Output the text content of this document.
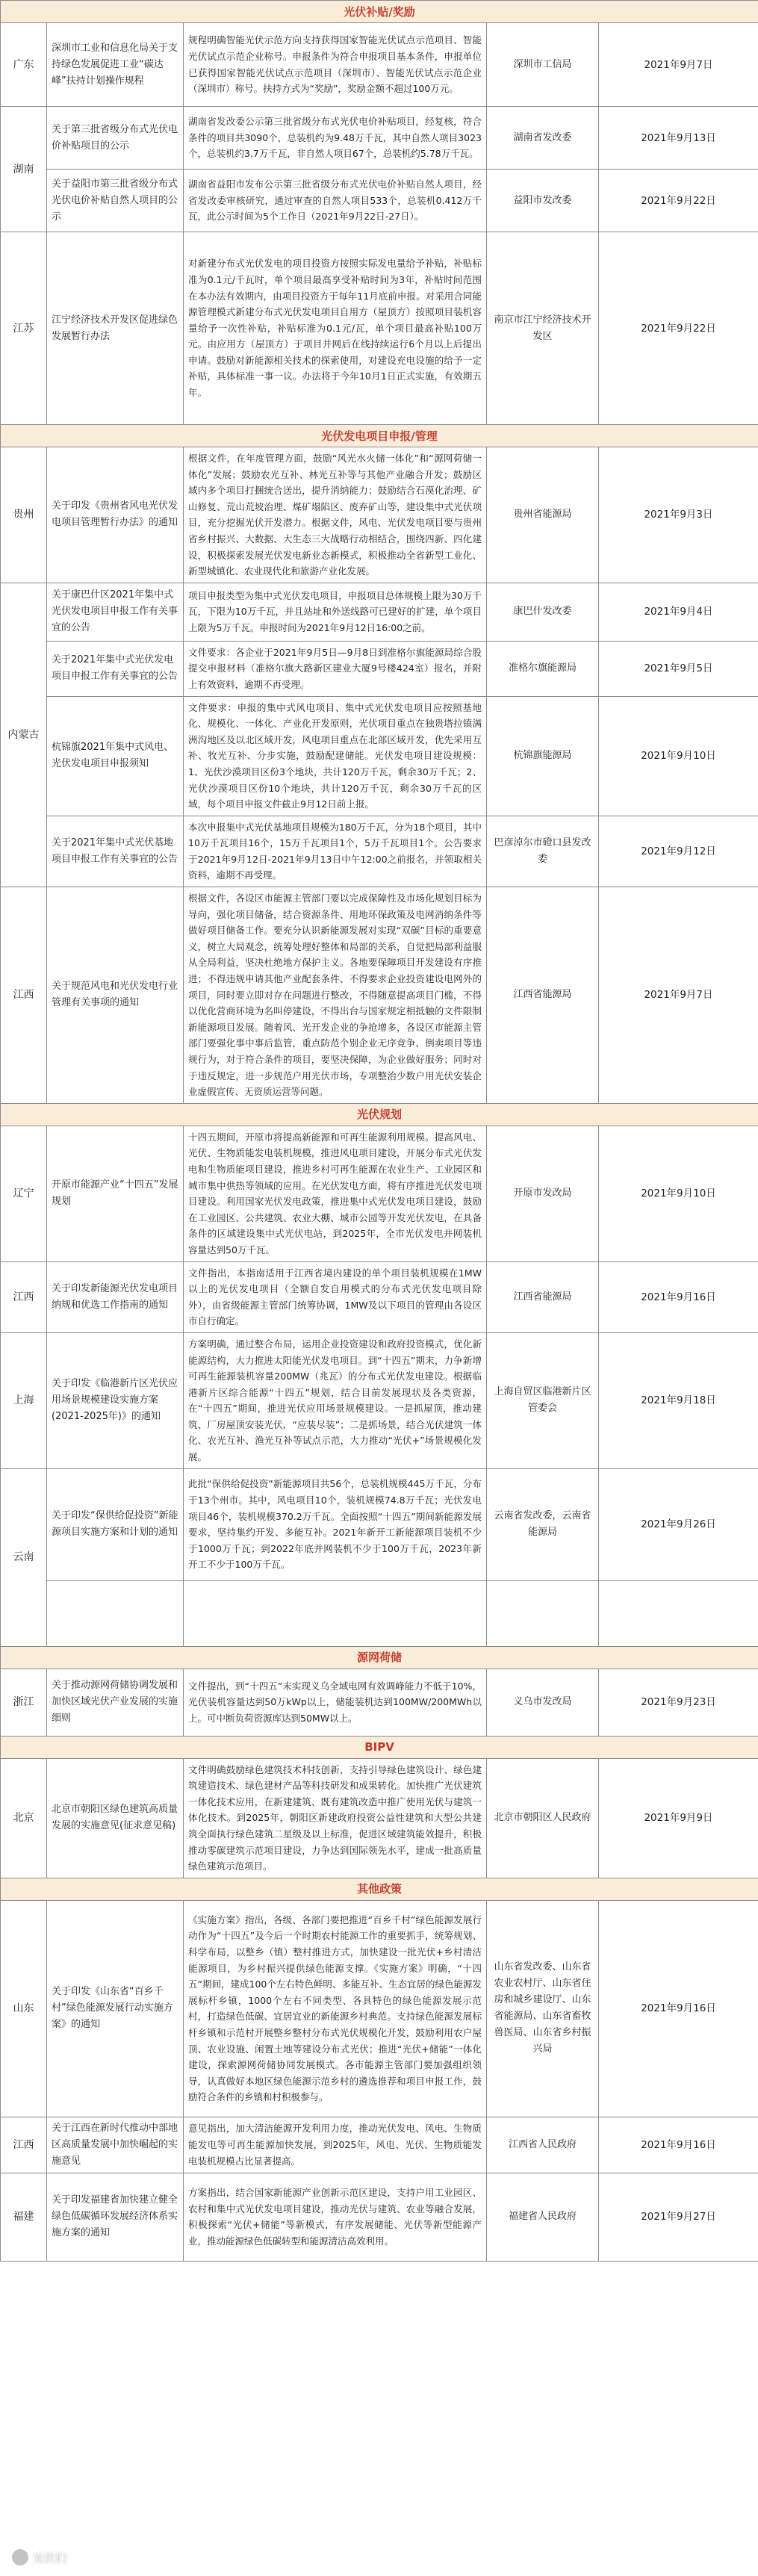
光伏补贴/奖励				
广东	深圳市工业和信息化局关于支持绿色发展促进工业“碳达峰”扶持计划操作规程	规程明确智能光伏示范方向支持获得国家智能光伏试点示范项目、智能光伏试点示范企业称号。申报条件为符合申报项目基本条件，申报单位已获得国家智能光伏试点示范项目（深圳市）、智能光伏试点示范企业（深圳市）称号。扶持方式为“奖励”，奖励金额不超过100万元。	深圳市工信局	2021年9月7日
湖南	关于第三批省级分布式光伏电价补贴项目的公示	湖南省发改委公示第三批省级分布式光伏电价补贴项目，经复核，符合条件的项目共3090个，总装机约为9.48万千瓦，其中自然人项目3023个，总装机约3.7万千瓦，非自然人项目67个，总装机约5.78万千瓦。	湖南省发改委	2021年9月13日
	关于益阳市第三批省级分布式光伏电价补贴自然人项目的公示	湖南省益阳市发布公示第三批省级分布式光伏电价补贴自然人项目，经省发改委审核研究，通过审查的自然人项目533个，总装机0.412万千瓦，此公示时间为5个工作日（2021年9月22日-27日）。	益阳市发改委	2021年9月22日
江苏	江宁经济技术开发区促进绿色发展暂行办法	对新建分布式光伏发电的项目投资方按照实际发电量给予补贴，补贴标准为0.1元/千瓦时，单个项目最高享受补贴时间为3年，补贴时间范围在本办法有效期内，由项目投资方于每年11月底前申报。对采用合同能源管理模式新建分布式光伏发电项目自用方（屋顶方）按照项目装机容量给予一次性补贴，补贴标准为0.1元/瓦，单个项目最高补贴100万元。由应用方（屋顶方）于项目并网后在线持续运行6个月以上后提出申请。鼓励对新能源相关技术的探索使用，对建设充电设施的给予一定补贴，具体标准一事一议。办法将于今年10月1日正式实施，有效期五年。	南京市江宁经济技术开发区	2021年9月22日
光伏发电项目申报/管理				
贵州	关于印发《贵州省风电光伏发电项目管理暂行办法》的通知	根据文件，在年度管理方面，鼓励“风光水火储一体化”和“源网荷储一体化”发展；鼓励农光互补、林光互补等与其他产业融合开发；鼓励区域内多个项目打捆统合送出，提升消纳能力；鼓励结合石漠化治理、矿山修复、荒山荒坡治理、煤矿塌陷区、废弃矿山等，建设集中式光伏项目，充分挖掘光伏开发潜力。根据文件，风电、光伏发电项目要与贵州省乡村振兴、大数据、大生态三大战略行动相结合，围绕四新、四化建设，积极探索发展光伏发电新业态新模式，积极推动全省新型工业化、新型城镇化、农业现代化和旅游产业化发展。	贵州省能源局	2021年9月3日
内蒙古	关于康巴什区2021年集中式光伏发电项目申报工作有关事宜的公告	项目申报类型为集中式光伏发电项目，申报项目总体规模上限为30万千瓦，下限为10万千瓦，并且站址和外送线路可已建好的扩建，单个项目上限为5万千瓦。申报时间为2021年9月12日16:00之前。	康巴什发改委	2021年9月4日
	关于2021年集中式光伏发电项目申报工作有关事宜的公告	文件要求：各企业于2021年9月5日—9月8日到准格尔旗能源局综合股提交申报材料（准格尔旗大路新区建业大厦9号楼424室）报名，并附上有效资料，逾期不再受理。	准格尔旗能源局	2021年9月5日
	杭锦旗2021年集中式风电、光伏发电项目申报须知	文件要求：申报的集中式风电项目、集中式光伏发电项目应按照基地化、规模化、一体化、产业化开发原则，光伏项目重点在独贵塔拉镇满洲沟地区及以北区域开发，风电项目重点在北部区域开发，优先采用互补、牧光互补、分步实施，鼓励配建储能。光伏发电项目建设规模：1、光伏沙漠项目区份3个地块，共计120万千瓦，剩余30万千瓦；2、光伏沙漠项目区份10个地块，共计120万千瓦，剩余30万千瓦的区域，每个项目申报文件截止9月12日前上报。	杭锦旗能源局	2021年9月10日
	关于2021年集中式光伏基地项目申报工作有关事宜的公告	本次申报集中式光伏基地项目规模为180万千瓦，分为18个项目，其中10万千瓦项目16个，15万千瓦项目1个，5万千瓦项目1个。公告要求于2021年9月12日-2021年9月13日中午12:00之前报名，并领取相关资料，逾期不再受理。	巴彦淖尔市磴口县发改委	2021年9月12日
江西	关于规范风电和光伏发电行业管理有关事项的通知	根据文件，各设区市能源主管部门要以完成保障性及市场化规划目标为导向，强化项目储备，结合资源条件、用地环保政策及电网消纳条件等做好项目储备工作。要充分认识新能源发展对实现“双碳”目标的重要意义，树立大局观念，统筹处理好整体和局部的关系，自觉把局部利益服从全局利益，坚决杜绝地方保护主义。各地要保障项目开发建设有序推进；不得违规申请其他产业配套条件、不得要求企业投资建设电网外的项目，同时要立即对存在问题进行整改，不得随意提高项目门槛，不得以优化营商环境为名叫停建设，不得出台与国家规定相抵触的文件限制新能源项目发展。随着风、光开发企业的争抢增多，各设区市能源主管部门要强化事中事后监管，重点防范个别企业无序竞争、倒卖项目等违规行为，对于符合条件的项目，要坚决保障，为企业做好服务；同时对于违反规定，进一步规范户用光伏市场，专项整治少数户用光伏安装企业虚假宣传、无资质运营等问题。	江西省能源局	2021年9月7日
光伏规划				
辽宁	开原市能源产业“十四五”发展规划	十四五期间，开原市将提高新能源和可再生能源利用规模。提高风电、光伏、生物质能发电装机规模，推进风电项目建设，开展分布式光伏发电和生物质能项目建设，推进乡村可再生能源在农业生产、工业园区和城市集中供热等领域的应用。在光伏发电方面，将有序推进光伏发电项目建设。利用国家光伏发电政策，推进集中式光伏发电项目建设，鼓励在工业园区、公共建筑、农业大棚、城市公园等开发光伏发电，在具备条件的区域建设集中式光伏电站，到2025年，全市光伏发电并网装机容量达到50万千瓦。	开原市发改局	2021年9月10日
江西	关于印发新能源光伏发电项目纳规和优选工作指南的通知	文件指出，本指南适用于江西省境内建设的单个项目装机规模在1MW以上的光伏发电项目（全额自发自用模式的分布式光伏发电项目除外），由省级能源主管部门统筹协调，1MW及以下项目的管理由各设区市自行确定。	江西省能源局	2021年9月16日
上海	关于印发《临港新片区光伏应用场景规模建设实施方案(2021-2025年)》的通知	方案明确，通过整合布局，运用企业投资建设和政府投资模式，优化新能源结构，大力推进太阳能光伏发电项目。到“十四五”期末，力争新增可再生能源装机容量200MW（兆瓦）的分布式光伏发电建设。根据临港新片区综合能源“十四五”规划，结合目前发展现状及各类资源，在“十四五”期间，推进光伏应用场景规模建设。一是抓屋顶，推动建筑、厂房屋顶安装光伏，“应装尽装”；二是抓场景，结合光伏建筑一体化、农光互补、渔光互补等试点示范，大力推动“光伏+”场景规模化发展。	上海自贸区临港新片区管委会	2021年9月18日
云南	关于印发“保供给促投资”新能源项目实施方案和计划的通知	此批“保供给促投资”新能源项目共56个，总装机规模445万千瓦，分布于13个州市。其中，风电项目10个，装机规模74.8万千瓦；光伏发电项目46个，装机规模370.2万千瓦。全面按照“十四五”期间新能源发展要求，坚持集约开发、多能互补。2021年新开工新能源项目装机不少于1000万千瓦；到2022年底并网装机不少于100万千瓦，2023年新开工不少于100万千瓦。	云南省发改委，云南省能源局	2021年9月26日

源网荷储				
浙江	关于推动源网荷储协调发展和加快区域光伏产业发展的实施细则	文件提出，到“十四五”末实现义乌全域电网有效调峰能力不低于10%，光伏装机容量达到50万kWp以上，储能装机达到100MW/200MWh以上。可中断负荷资源库达到50MW以上。	义乌市发改局	2021年9月23日
BIPV				
北京	北京市朝阳区绿色建筑高质量发展的实施意见(征求意见稿)	文件明确鼓励绿色建筑技术科技创新，支持引导绿色建筑设计、绿色建筑建造技术、绿色建材产品等科技研发和成果转化。加快推广光伏建筑一体化技术应用，在新建建筑、既有建筑改造中推广使用光伏与建筑一体化技术。到2025年，朝阳区新建政府投资公益性建筑和大型公共建筑全面执行绿色建筑二星级及以上标准，促进区域建筑能效提升，积极推动零碳建筑示范项目建设，力争达到国际领先水平，建成一批高质量绿色建筑示范项目。	北京市朝阳区人民政府	2021年9月9日
其他政策				
山东	关于印发《山东省“百乡千村”绿色能源发展行动实施方案》的通知	《实施方案》指出，各级、各部门要把推进“百乡千村”绿色能源发展行动作为“十四五”及今后一个时期农村能源工作的重要抓手，统筹规划、科学布局，以整乡（镇）整村推进方式，加快建设一批光伏+乡村清洁能源项目，为乡村振兴提供绿色能源支撑。《实施方案》明确，“十四五”期间，建成100个左右特色鲜明、多能互补、生态宜居的绿色能源发展标杆乡镇，1000个左右不同类型、各具特色的绿色能源发展示范村，打造绿色低碳、宜居宜业的新能源乡村典范。支持绿色能源发展标杆乡镇和示范村开展整乡整村分布式光伏规模化开发，鼓励利用农户屋顶、农业设施、闲置土地等建设分布式光伏；推进“光伏+储能”一体化建设，探索源网荷储协同发展模式。各市能源主管部门要加强组织领导，认真做好本地区绿色能源示范乡村的遴选推荐和项目申报工作，鼓励符合条件的乡镇和村积极参与。	山东省发改委、山东省农业农村厅、山东省住房和城乡建设厅、山东省能源局、山东省畜牧兽医局、山东省乡村振兴局	2021年9月16日
江西	关于江西在新时代推动中部地区高质量发展中加快崛起的实施意见	意见指出，加大清洁能源开发利用力度，推动光伏发电、风电、生物质能发电等可再生能源加快发展，到2025年，风电、光伏、生物质能发电装机规模占比显著提高。	江西省人民政府	2021年9月16日
福建	关于印发福建省加快建立健全绿色低碳循环发展经济体系实施方案的通知	方案指出，结合国家新能源产业创新示范区建设，支持户用工业园区、农村和集中式光伏发电项目建设，推动光伏与建筑、农业等融合发展，积极探索“光伏+储能”等新模式，有序发展储能、光伏等新型能源产业，推动能源绿色低碳转型和能源清洁高效利用。	福建省人民政府	2021年9月27日
光伏们
